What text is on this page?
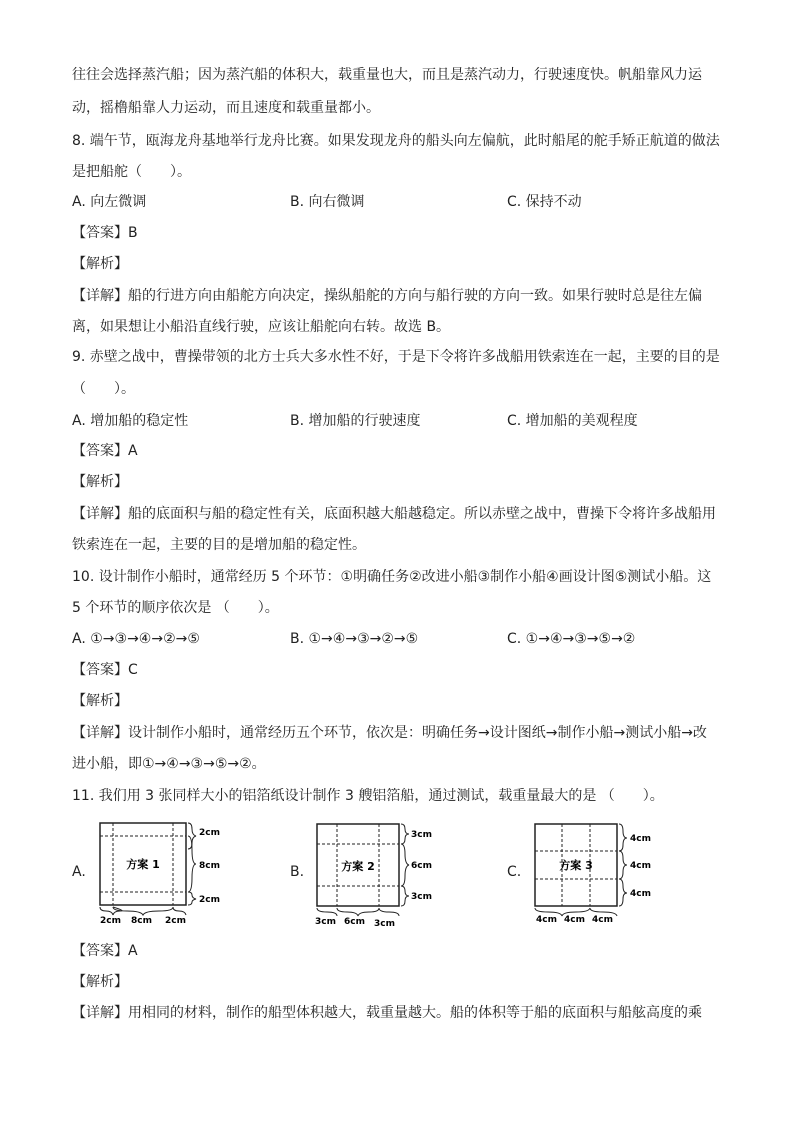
往往会选择蒸汽船；因为蒸汽船的体积大，载重量也大，而且是蒸汽动力，行驶速度快。帆船靠风力运
动，摇橹船靠人力运动，而且速度和载重量都小。
8. 端午节，瓯海龙舟基地举行龙舟比赛。如果发现龙舟的船头向左偏航，此时船尾的舵手矫正航道的做法
是把船舵（　　）。
A. 向左微调	B. 向右微调	C. 保持不动
【答案】B
【解析】
【详解】船的行进方向由船舵方向决定，操纵船舵的方向与船行驶的方向一致。如果行驶时总是往左偏
离，如果想让小船沿直线行驶，应该让船舵向右转。故选 B。
9. 赤壁之战中，曹操带领的北方士兵大多水性不好，于是下令将许多战船用铁索连在一起，主要的目的是
（　　）。
A. 增加船的稳定性	B. 增加船的行驶速度	C. 增加船的美观程度
【答案】A
【解析】
【详解】船的底面积与船的稳定性有关，底面积越大船越稳定。所以赤壁之战中，曹操下令将许多战船用
铁索连在一起，主要的目的是增加船的稳定性。
10. 设计制作小船时，通常经历 5 个环节：①明确任务②改进小船③制作小船④画设计图⑤测试小船。这
5 个环节的顺序依次是 （　　）。
A. ①→③→④→②→⑤	B. ①→④→③→②→⑤	C. ①→④→③→⑤→②
【答案】C
【解析】
【详解】设计制作小船时，通常经历五个环节，依次是：明确任务→设计图纸→制作小船→测试小船→改
进小船，即①→④→③→⑤→②。
11. 我们用 3 张同样大小的铝箔纸设计制作 3 艘铝箔船，通过测试，载重量最大的是 （　　）。
A.	方案 1
2cm
8cm
2cm
2cm 8cm 2cm
B.	方案 2
3cm
6cm
3cm
3cm 6cm 3cm
C.	方案 3
4cm
4cm
4cm
4cm 4cm 4cm
【答案】A
【解析】
【详解】用相同的材料，制作的船型体积越大，载重量越大。船的体积等于船的底面积与船舷高度的乘
